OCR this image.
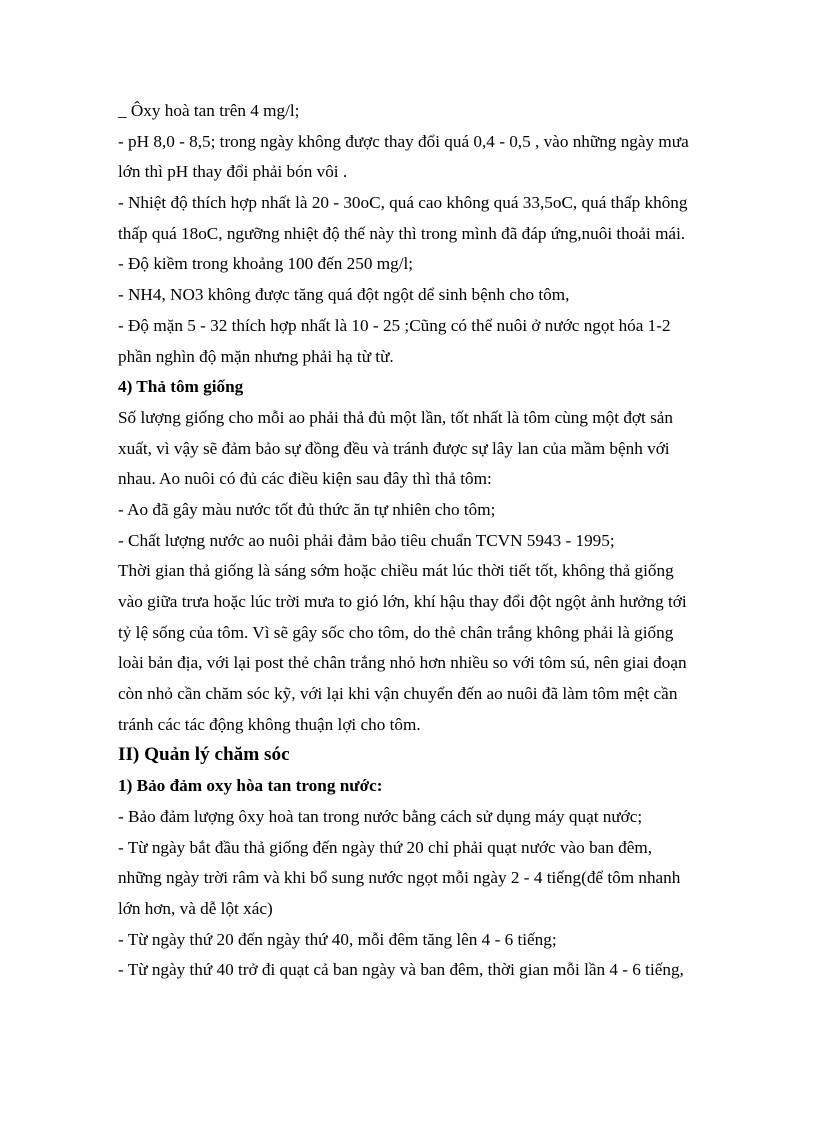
_ Ôxy hoà tan trên 4 mg/l;
- pH 8,0 - 8,5; trong ngày không được thay đổi quá 0,4 - 0,5 , vào những ngày mưa
lớn thì pH thay đổi phải bón vôi .
- Nhiệt độ thích hợp nhất là 20 - 30oC, quá cao không quá 33,5oC, quá thấp không
thấp quá 18oC, ngưỡng nhiệt độ thế này thì trong mình đã đáp ứng,nuôi thoải mái.
- Độ kiềm trong khoảng 100 đến 250 mg/l;
- NH4, NO3 không được tăng quá đột ngột dể sinh bệnh cho tôm,
- Độ mặn 5 - 32 thích hợp nhất là 10 - 25 ;Cũng có thể nuôi ở nước ngọt hóa 1-2
phần nghìn độ mặn nhưng phải hạ từ từ.
4) Thả tôm giống
Số lượng giống cho mỗi ao phải thả đủ một lần, tốt nhất là tôm cùng một đợt sản
xuất, vì vậy sẽ đảm bảo sự đồng đều và tránh được sự lây lan của mầm bệnh với
nhau. Ao nuôi có đủ các điều kiện sau đây thì thả tôm:
- Ao đã gây màu nước tốt đủ thức ăn tự nhiên cho tôm;
- Chất lượng nước ao nuôi phải đảm bảo tiêu chuẩn TCVN 5943 - 1995;
Thời gian thả giống là sáng sớm hoặc chiều mát lúc thời tiết tốt, không thả giống
vào giữa trưa hoặc lúc trời mưa to gió lớn, khí hậu thay đổi đột ngột ảnh hưởng tới
tỷ lệ sống của tôm. Vì sẽ gây sốc cho tôm, do thẻ chân trắng không phải là giống
loài bản địa, với lại post thẻ chân trắng nhỏ hơn nhiều so với tôm sú, nên giai đoạn
còn nhỏ cần chăm sóc kỹ, với lại khi vận chuyển đến ao nuôi đã làm tôm mệt cần
tránh các tác động không thuận lợi cho tôm.
II) Quản lý chăm sóc
1) Bảo đảm oxy hòa tan trong nước:
- Bảo đảm lượng ôxy hoà tan trong nước bằng cách sử dụng máy quạt nước;
- Từ ngày bắt đầu thả giống đến ngày thứ 20 chỉ phải quạt nước vào ban đêm,
những ngày trời râm và khi bổ sung nước ngọt mỗi ngày 2 - 4 tiếng(để tôm nhanh
lớn hơn, và dễ lột xác)
- Từ ngày thứ 20 đến ngày thứ 40, mỗi đêm tăng lên 4 - 6 tiếng;
- Từ ngày thứ 40 trở đi quạt cả ban ngày và ban đêm, thời gian mỗi lần 4 - 6 tiếng,
